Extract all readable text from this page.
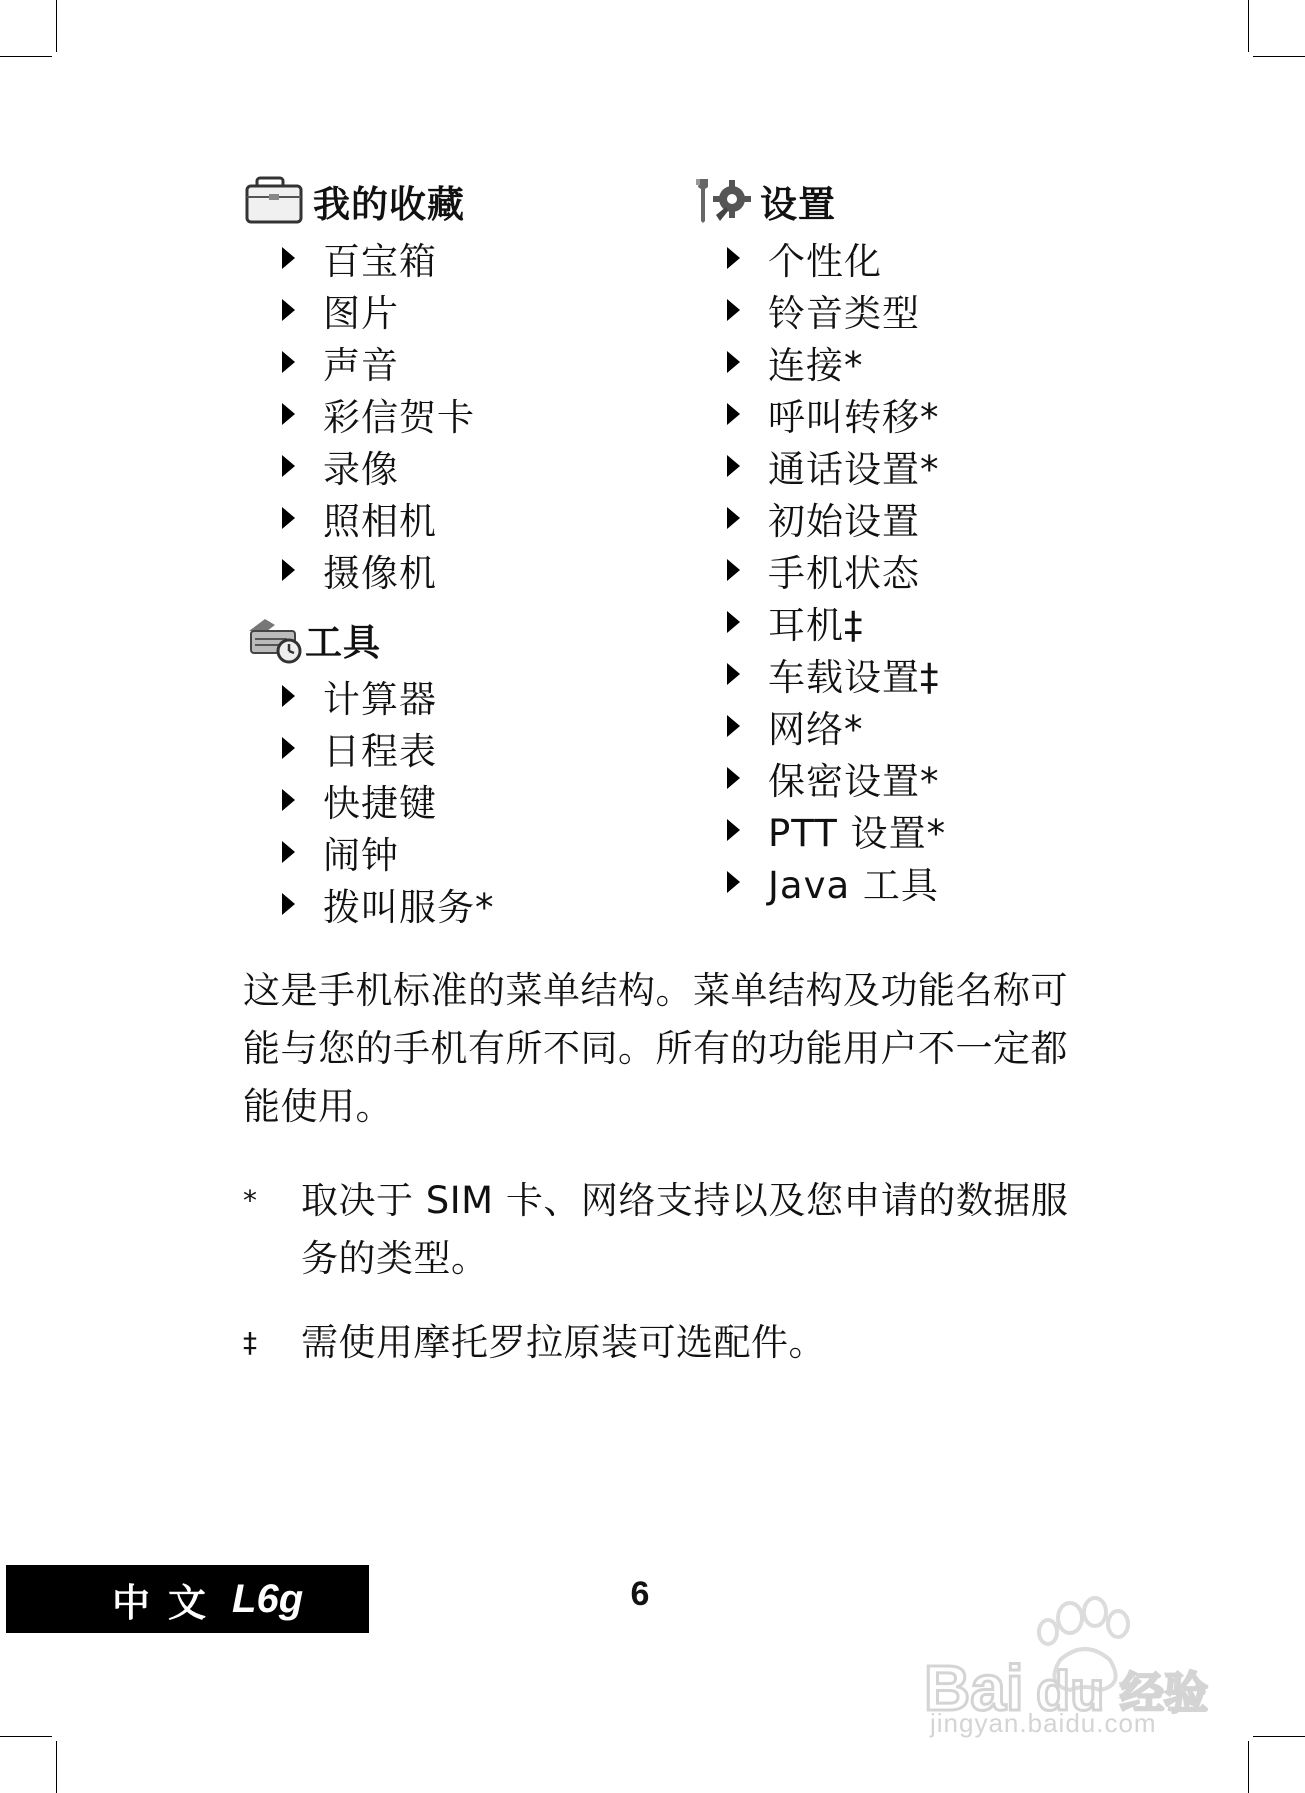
我的收藏
百宝箱
图片
声音
彩信贺卡
录像
照相机
摄像机
工具
计算器
日程表
快捷键
闹钟
拨叫服务*
设置
个性化
铃音类型
连接*
呼叫转移*
通话设置*
初始设置
手机状态
耳机‡
车载设置‡
网络*
保密设置*
PTT 设置*
Java 工具
这是手机标准的菜单结构。菜单结构及功能名称可能与您的手机有所不同。所有的功能用户不一定都能使用。
*	取决于 SIM 卡、网络支持以及您申请的数据服务的类型。
‡	需使用摩托罗拉原装可选配件。
中文 L6g	6
Bai du 经验
jingyan.baidu.com
